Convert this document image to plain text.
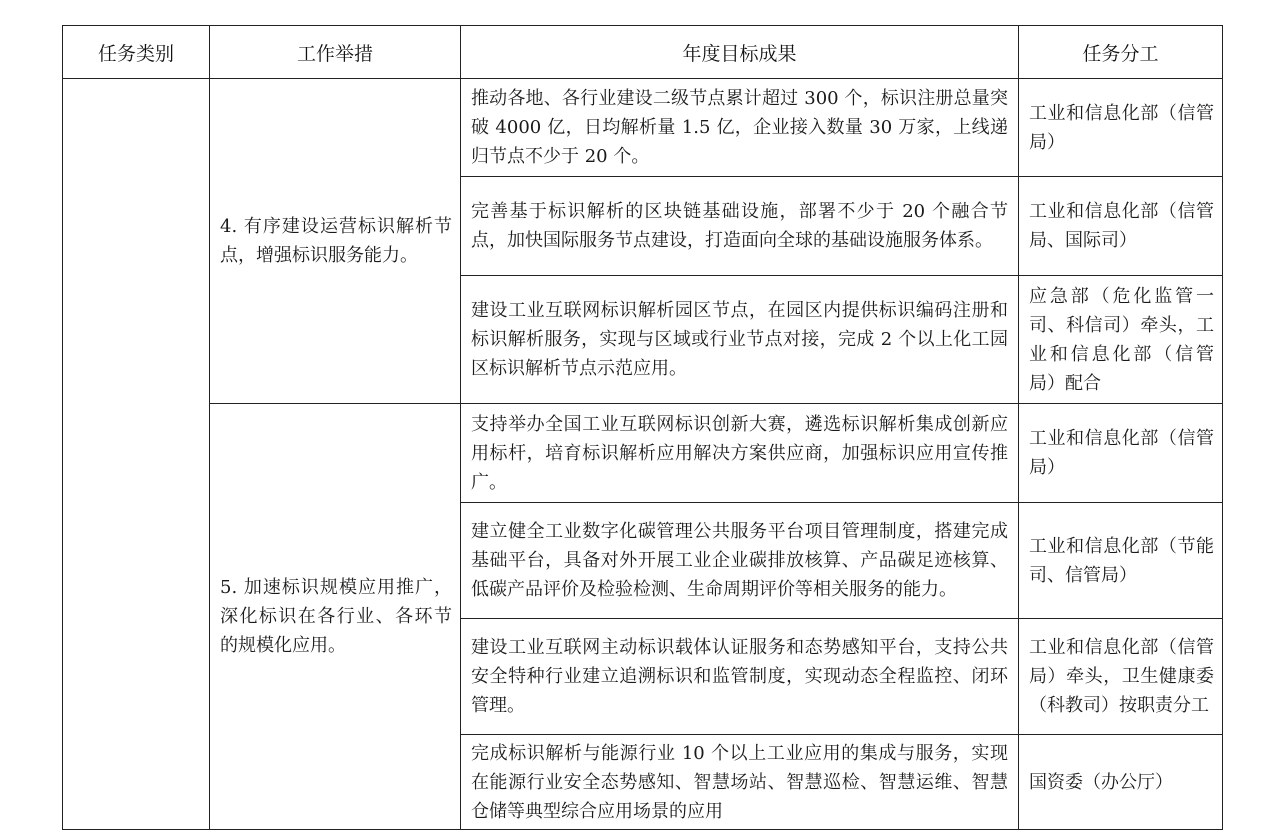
任务类别	工作举措	年度目标成果	任务分工

	4. 有序建设运营标识解析节点，增强标识服务能力。	推动各地、各行业建设二级节点累计超过 300 个，标识注册总量突破 4000 亿，日均解析量 1.5 亿，企业接入数量 30 万家，上线递归节点不少于 20 个。	工业和信息化部（信管局）

		完善基于标识解析的区块链基础设施，部署不少于 20 个融合节点，加快国际服务节点建设，打造面向全球的基础设施服务体系。	工业和信息化部（信管局、国际司）

		建设工业互联网标识解析园区节点，在园区内提供标识编码注册和标识解析服务，实现与区域或行业节点对接，完成 2 个以上化工园区标识解析节点示范应用。	应急部（危化监管一司、科信司）牵头，工业和信息化部（信管局）配合

	5. 加速标识规模应用推广，深化标识在各行业、各环节的规模化应用。	支持举办全国工业互联网标识创新大赛，遴选标识解析集成创新应用标杆，培育标识解析应用解决方案供应商，加强标识应用宣传推广。	工业和信息化部（信管局）

		建立健全工业数字化碳管理公共服务平台项目管理制度，搭建完成基础平台，具备对外开展工业企业碳排放核算、产品碳足迹核算、低碳产品评价及检验检测、生命周期评价等相关服务的能力。	工业和信息化部（节能司、信管局）

		建设工业互联网主动标识载体认证服务和态势感知平台，支持公共安全特种行业建立追溯标识和监管制度，实现动态全程监控、闭环管理。	工业和信息化部（信管局）牵头，卫生健康委（科教司）按职责分工

		完成标识解析与能源行业 10 个以上工业应用的集成与服务，实现在能源行业安全态势感知、智慧场站、智慧巡检、智慧运维、智慧仓储等典型综合应用场景的应用	国资委（办公厅）
